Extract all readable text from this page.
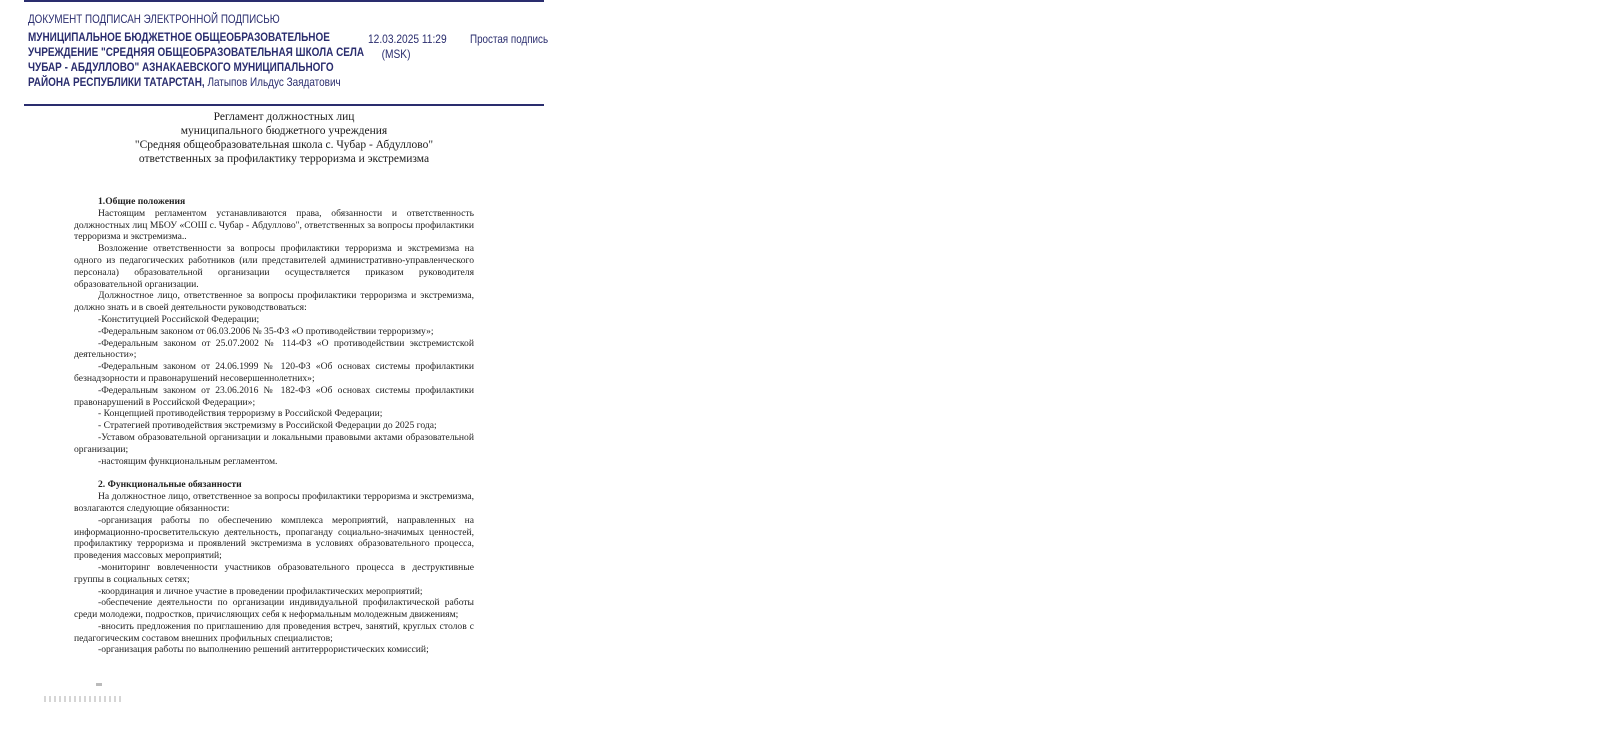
ДОКУМЕНТ ПОДПИСАН ЭЛЕКТРОННОЙ ПОДПИСЬЮ
МУНИЦИПАЛЬНОЕ БЮДЖЕТНОЕ ОБЩЕОБРАЗОВАТЕЛЬНОЕ УЧРЕЖДЕНИЕ "СРЕДНЯЯ ОБЩЕОБРАЗОВАТЕЛЬНАЯ ШКОЛА СЕЛА ЧУБАР - АБДУЛЛОВО" АЗНАКАЕВСКОГО МУНИЦИПАЛЬНОГО РАЙОНА РЕСПУБЛИКИ ТАТАРСТАН, Латыпов Ильдус Заядатович
12.03.2025 11:29
(MSK)
Простая подпись
Регламент должностных лиц
муниципального бюджетного учреждения
"Средняя общеобразовательная школа с. Чубар - Абдуллово"
ответственных за профилактику терроризма и экстремизма

1.Общие положения

Настоящим регламентом устанавливаются права, обязанности и ответственность должностных лиц МБОУ «СОШ с. Чубар - Абдуллово", ответственных за вопросы профилактики терроризма и экстремизма..

Возложение ответственности за вопросы профилактики терроризма и экстремизма на одного из педагогических работников (или представителей административно-управленческого персонала) образовательной организации осуществляется приказом руководителя образовательной организации.

Должностное лицо, ответственное за вопросы профилактики терроризма и экстремизма, должно знать и в своей деятельности руководствоваться:

-Конституцией Российской Федерации;

-Федеральным законом от 06.03.2006 № 35-ФЗ «О противодействии терроризму»;

-Федеральным законом от 25.07.2002 № 114-ФЗ «О противодействии экстремистской деятельности»;

-Федеральным законом от 24.06.1999 № 120-ФЗ «Об основах системы профилактики безнадзорности и правонарушений несовершеннолетних»;

-Федеральным законом от 23.06.2016 № 182-ФЗ «Об основах системы профилактики правонарушений в Российской Федерации»;

- Концепцией противодействия терроризму в Российской Федерации;

- Стратегией противодействия экстремизму в Российской Федерации до 2025 года;

-Уставом образовательной организации и локальными правовыми актами образовательной организации;

-настоящим функциональным регламентом.

2. Функциональные обязанности

На должностное лицо, ответственное за вопросы профилактики терроризма и экстремизма, возлагаются следующие обязанности:

-организация работы по обеспечению комплекса мероприятий, направленных на информационно-просветительскую деятельность, пропаганду социально-значимых ценностей, профилактику терроризма и проявлений экстремизма в условиях образовательного процесса, проведения массовых мероприятий;

-мониторинг вовлеченности участников образовательного процесса в деструктивные группы в социальных сетях;

-координация и личное участие в проведении профилактических мероприятий;

-обеспечение деятельности по организации индивидуальной профилактической работы среди молодежи, подростков, причисляющих себя к неформальным молодежным движениям;

-вносить предложения по приглашению для проведения встреч, занятий, круглых столов с педагогическим составом внешних профильных специалистов;

-организация работы по выполнению решений антитеррористических комиссий;
